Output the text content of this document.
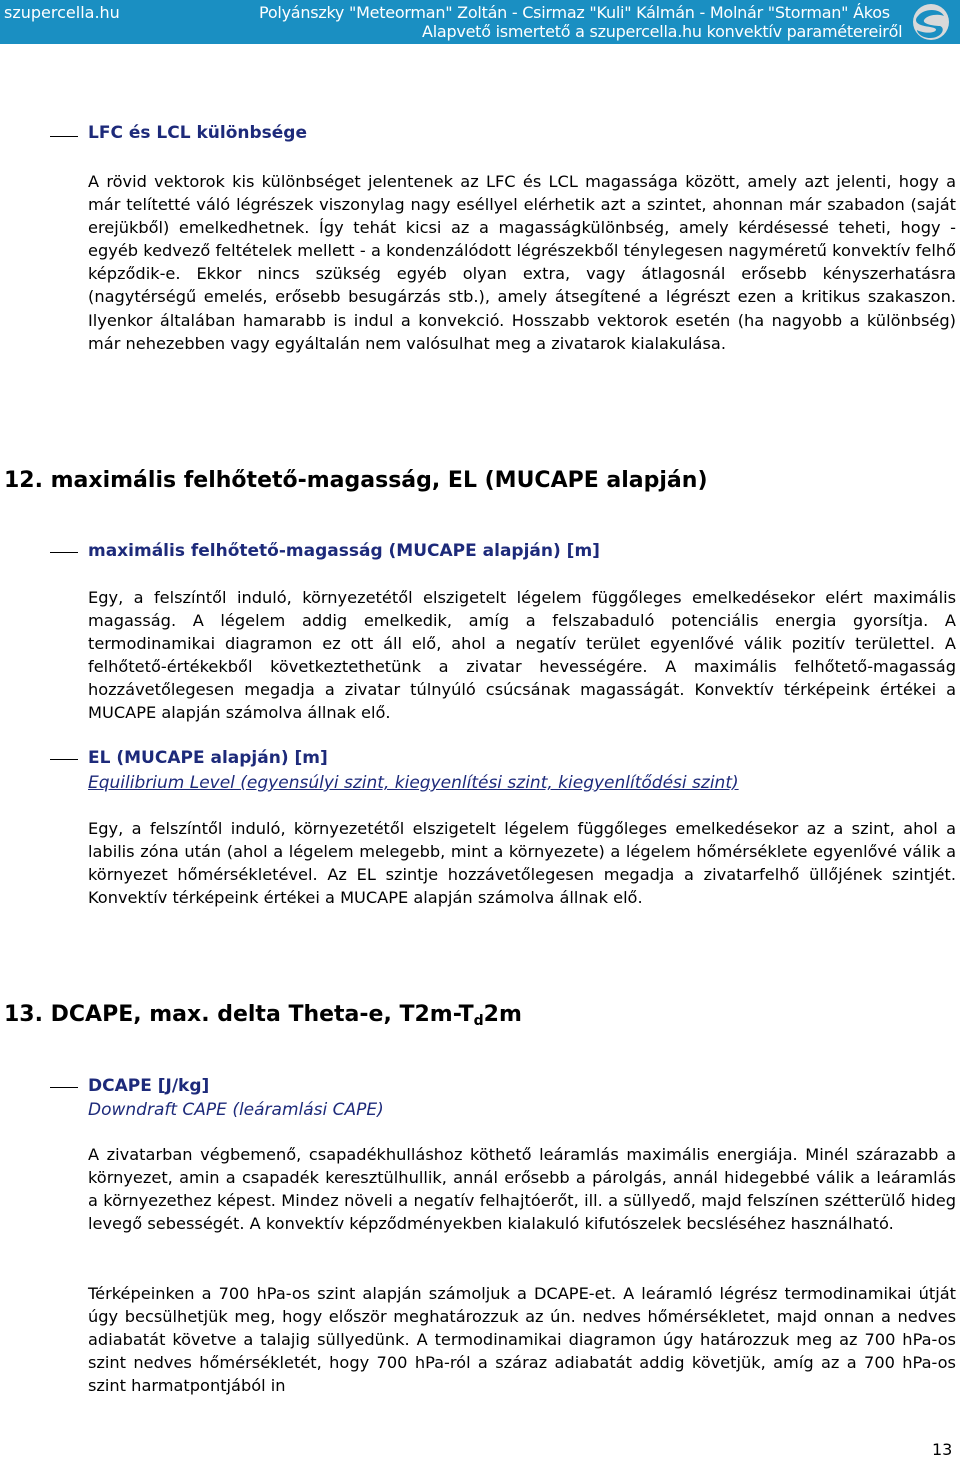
szupercella.hu	Polyánszky "Meteorman" Zoltán - Csirmaz "Kuli" Kálmán - Molnár "Storman" Ákos
Alapvető ismertető a szupercella.hu konvektív paramétereiről
LFC és LCL különbsége
A rövid vektorok kis különbséget jelentenek az LFC és LCL magassága között, amely azt jelenti, hogy a már telítetté váló légrészek viszonylag nagy eséllyel elérhetik azt a szintet, ahonnan már szabadon (saját erejükből) emelkedhetnek. Így tehát kicsi az a magasságkülönbség, amely kérdésessé teheti, hogy - egyéb kedvező feltételek mellett - a kondenzálódott légrészekből ténylegesen nagyméretű konvektív felhő képződik-e. Ekkor nincs szükség egyéb olyan extra, vagy átlagosnál erősebb kényszerhatásra (nagytérségű emelés, erősebb besugárzás stb.), amely átsegítené a légrészt ezen a kritikus szakaszon. Ilyenkor általában hamarabb is indul a konvekció. Hosszabb vektorok esetén (ha nagyobb a különbség) már nehezebben vagy egyáltalán nem valósulhat meg a zivatarok kialakulása.
12. maximális felhőtető-magasság, EL (MUCAPE alapján)
maximális felhőtető-magasság (MUCAPE alapján) [m]
Egy, a felszíntől induló, környezetétől elszigetelt légelem függőleges emelkedésekor elért maximális magasság. A légelem addig emelkedik, amíg a felszabaduló potenciális energia gyorsítja. A termodinamikai diagramon ez ott áll elő, ahol a negatív terület egyenlővé válik pozitív területtel. A felhőtető-értékekből következtethetünk a zivatar hevességére. A maximális felhőtető-magasság hozzávetőlegesen megadja a zivatar túlnyúló csúcsának magasságát. Konvektív térképeink értékei a MUCAPE alapján számolva állnak elő.
EL (MUCAPE alapján) [m]
Equilibrium Level (egyensúlyi szint, kiegyenlítési szint, kiegyenlítődési szint)
Egy, a felszíntől induló, környezetétől elszigetelt légelem függőleges emelkedésekor az a szint, ahol a labilis zóna után (ahol a légelem melegebb, mint a környezete) a légelem hőmérséklete egyenlővé válik a környezet hőmérsékletével. Az EL szintje hozzávetőlegesen megadja a zivatarfelhő üllőjének szintjét. Konvektív térképeink értékei a MUCAPE alapján számolva állnak elő.
13. DCAPE, max. delta Theta-e, T2m-Td2m
DCAPE [J/kg]
Downdraft CAPE (leáramlási CAPE)
A zivatarban végbemenő, csapadékhulláshoz köthető leáramlás maximális energiája. Minél szárazabb a környezet, amin a csapadék keresztülhullik, annál erősebb a párolgás, annál hidegebbé válik a leáramlás a környezethez képest. Mindez növeli a negatív felhajtóerőt, ill. a süllyedő, majd felszínen szétterülő hideg levegő sebességét. A konvektív képződményekben kialakuló kifutószelek becsléséhez használható.
Térképeinken a 700 hPa-os szint alapján számoljuk a DCAPE-et. A leáramló légrész termodinamikai útját úgy becsülhetjük meg, hogy először meghatározzuk az ún. nedves hőmérsékletet, majd onnan a nedves adiabatát követve a talajig süllyedünk. A termodinamikai diagramon úgy határozzuk meg az 700 hPa-os szint nedves hőmérsékletét, hogy 700 hPa-ról a száraz adiabatát addig követjük, amíg az a 700 hPa-os szint harmatpontjából in
13
